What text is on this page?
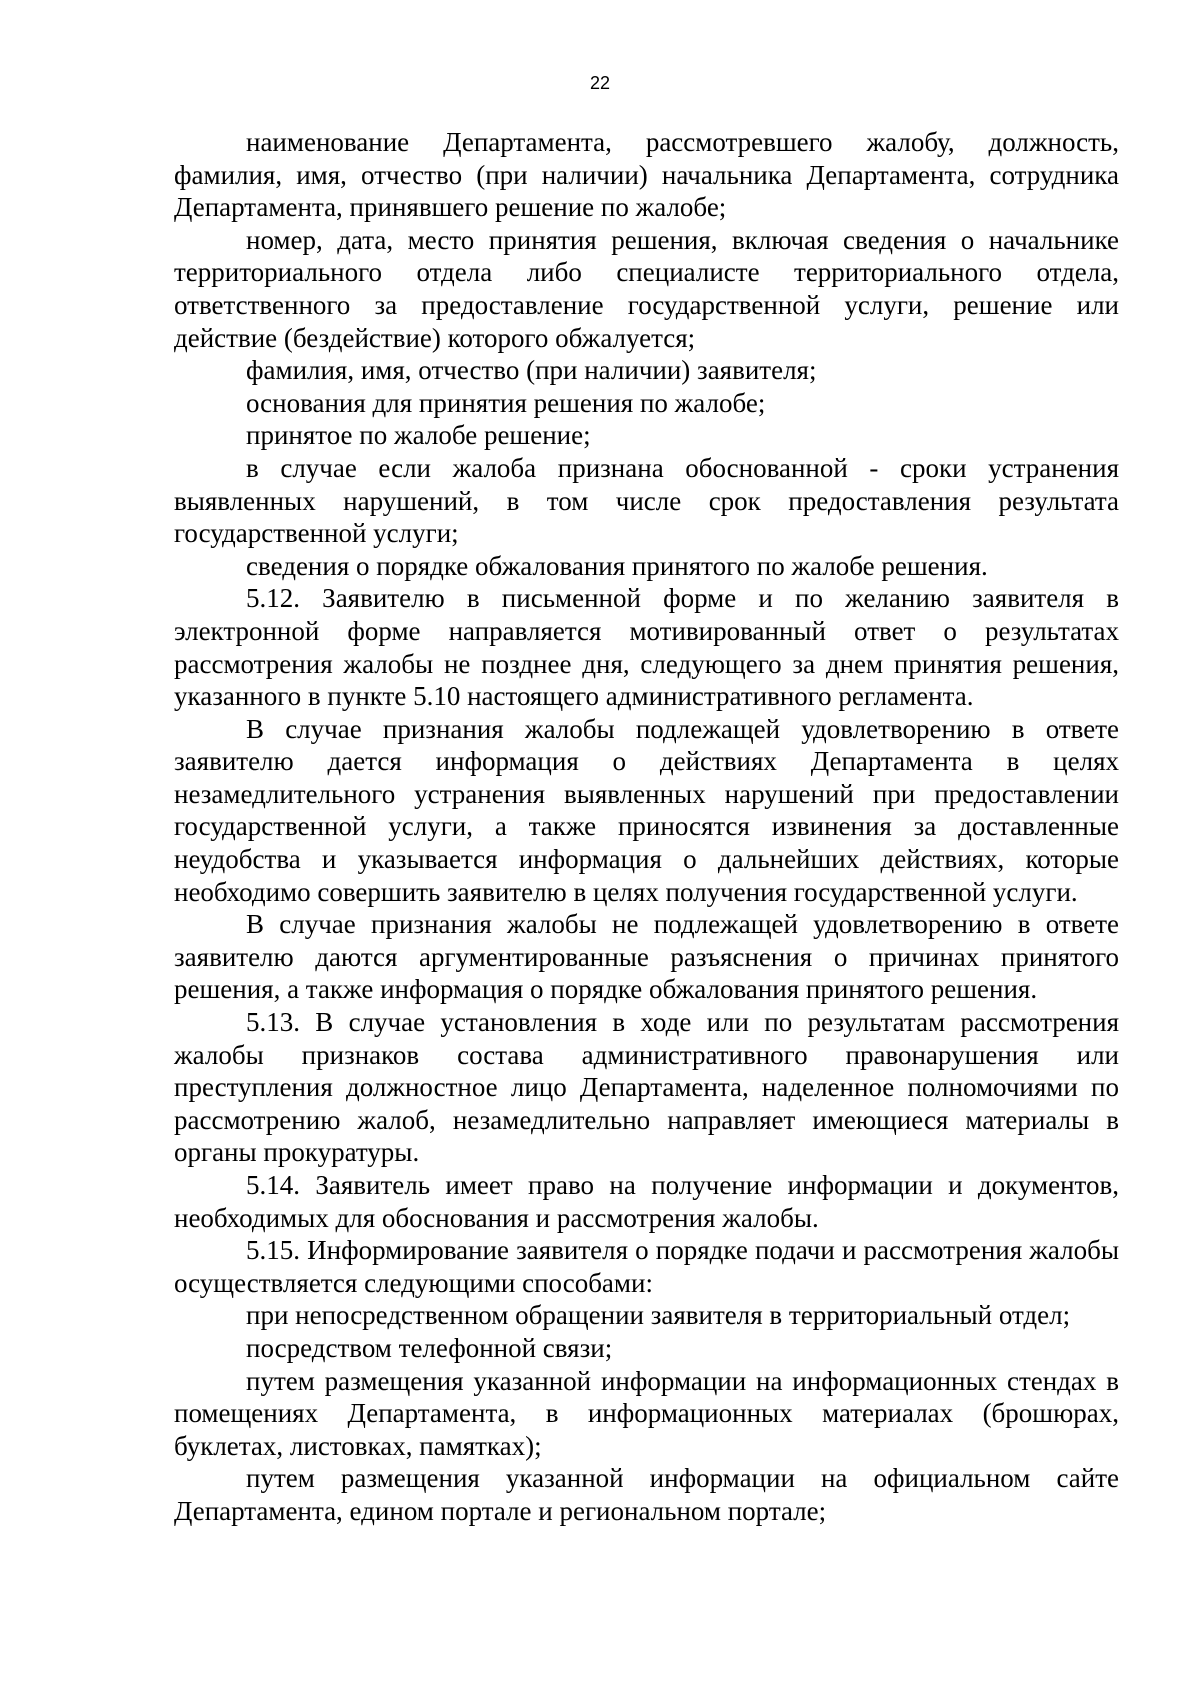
22

наименование Департамента, рассмотревшего жалобу, должность, фамилия, имя, отчество (при наличии) начальника Департамента, сотрудника Департамента, принявшего решение по жалобе;

номер, дата, место принятия решения, включая сведения о начальнике территориального отдела либо специалисте территориального отдела, ответственного за предоставление государственной услуги, решение или действие (бездействие) которого обжалуется;

фамилия, имя, отчество (при наличии) заявителя;

основания для принятия решения по жалобе;

принятое по жалобе решение;

в случае если жалоба признана обоснованной - сроки устранения выявленных нарушений, в том числе срок предоставления результата государственной услуги;

сведения о порядке обжалования принятого по жалобе решения.

5.12. Заявителю в письменной форме и по желанию заявителя в электронной форме направляется мотивированный ответ о результатах рассмотрения жалобы не позднее дня, следующего за днем принятия решения, указанного в пункте 5.10 настоящего административного регламента.

В случае признания жалобы подлежащей удовлетворению в ответе заявителю дается информация о действиях Департамента в целях незамедлительного устранения выявленных нарушений при предоставлении государственной услуги, а также приносятся извинения за доставленные неудобства и указывается информация о дальнейших действиях, которые необходимо совершить заявителю в целях получения государственной услуги.

В случае признания жалобы не подлежащей удовлетворению в ответе заявителю даются аргументированные разъяснения о причинах принятого решения, а также информация о порядке обжалования принятого решения.

5.13. В случае установления в ходе или по результатам рассмотрения жалобы признаков состава административного правонарушения или преступления должностное лицо Департамента, наделенное полномочиями по рассмотрению жалоб, незамедлительно направляет имеющиеся материалы в органы прокуратуры.

5.14. Заявитель имеет право на получение информации и документов, необходимых для обоснования и рассмотрения жалобы.

5.15. Информирование заявителя о порядке подачи и рассмотрения жалобы осуществляется следующими способами:

при непосредственном обращении заявителя в территориальный отдел;

посредством телефонной связи;

путем размещения указанной информации на информационных стендах в помещениях Департамента, в информационных материалах (брошюрах, буклетах, листовках, памятках);

путем размещения указанной информации на официальном сайте Департамента, едином портале и региональном портале;
